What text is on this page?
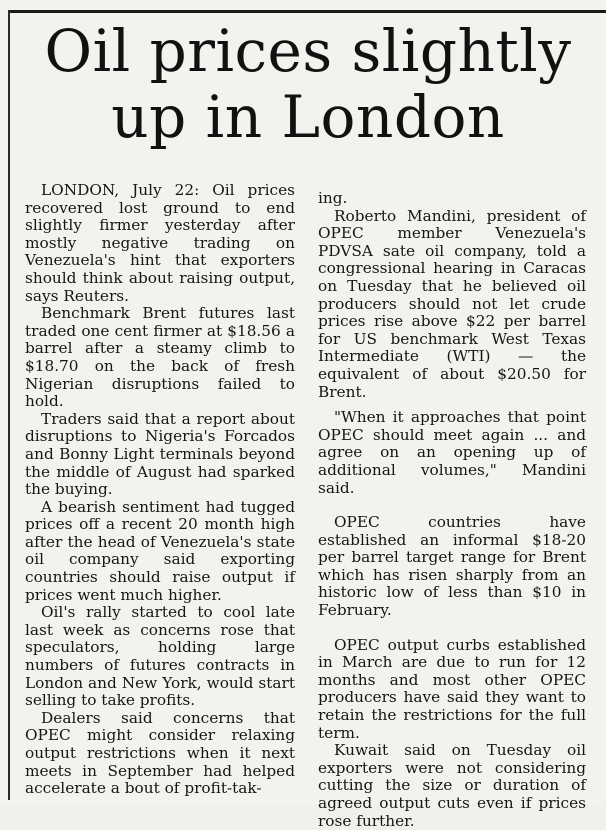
Oil prices slightly
up in London

LONDON, July 22: Oil prices recovered lost ground to end slightly firmer yesterday after mostly negative trading on Venezuela's hint that exporters should think about raising output, says Reuters.

Benchmark Brent futures last traded one cent firmer at $18.56 a barrel after a steamy climb to $18.70 on the back of fresh Nigerian disruptions failed to hold.

Traders said that a report about disruptions to Nigeria's Forcados and Bonny Light terminals beyond the middle of August had sparked the buying.

A bearish sentiment had tugged prices off a recent 20 month high after the head of Venezuela's state oil company said exporting countries should raise output if prices went much higher.

Oil's rally started to cool late last week as concerns rose that speculators, holding large numbers of futures contracts in London and New York, would start selling to take profits.

Dealers said concerns that OPEC might consider relaxing output restrictions when it next meets in September had helped accelerate a bout of profit-tak-

ing.

Roberto Mandini, president of OPEC member Venezuela's PDVSA sate oil company, told a congressional hearing in Caracas on Tuesday that he believed oil producers should not let crude prices rise above $22 per barrel for US benchmark West Texas Intermediate (WTI) — the equivalent of about $20.50 for Brent.

"When it approaches that point OPEC should meet again ... and agree on an opening up of additional volumes," Mandini said.

OPEC countries have established an informal $18-20 per barrel target range for Brent which has risen sharply from an historic low of less than $10 in February.

OPEC output curbs established in March are due to run for 12 months and most other OPEC producers have said they want to retain the restrictions for the full term.

Kuwait said on Tuesday oil exporters were not considering cutting the size or duration of agreed output cuts even if prices rose further.
